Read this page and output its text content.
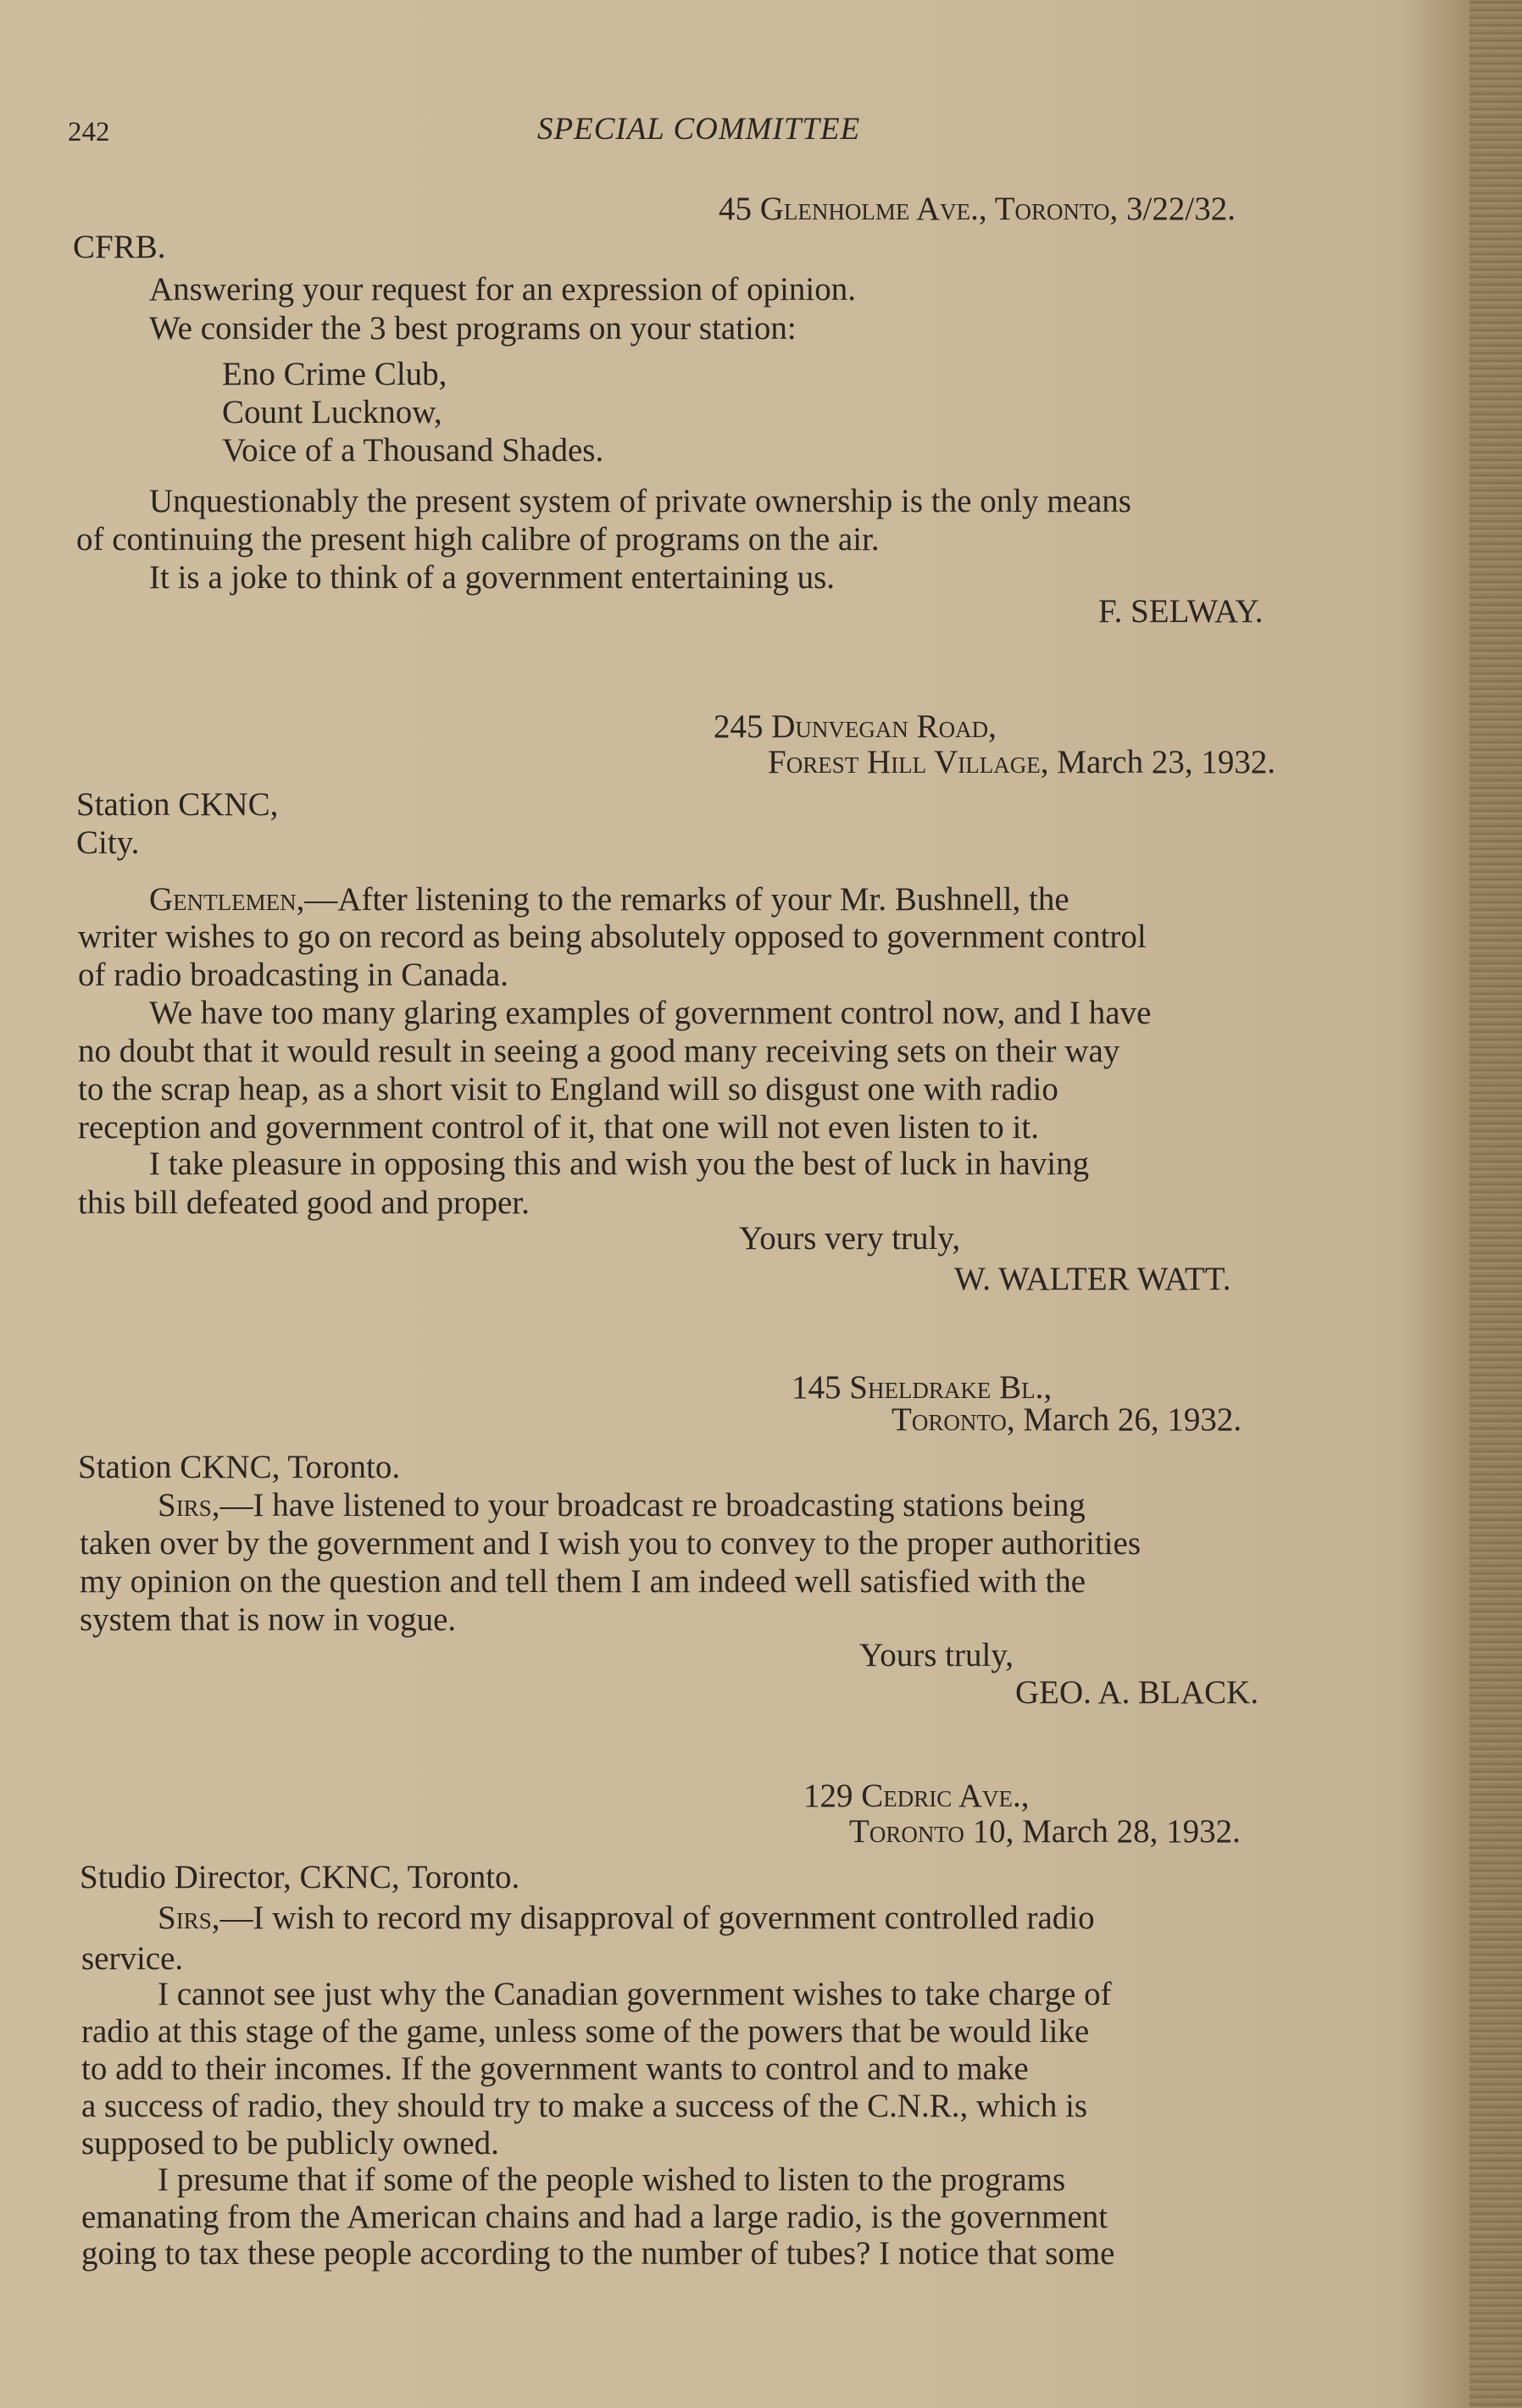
242	SPECIAL COMMITTEE
45 Glenholme Ave., Toronto, 3/22/32.
CFRB.
Answering your request for an expression of opinion.
We consider the 3 best programs on your station:
Eno Crime Club,
Count Lucknow,
Voice of a Thousand Shades.
Unquestionably the present system of private ownership is the only means
of continuing the present high calibre of programs on the air.
It is a joke to think of a government entertaining us.
F. SELWAY.
245 Dunvegan Road,
Forest Hill Village, March 23, 1932.
Station CKNC,
City.
Gentlemen, —After listening to the remarks of your Mr. Bushnell, the
writer wishes to go on record as being absolutely opposed to government control
of radio broadcasting in Canada.
We have too many glaring examples of government control now, and I have
no doubt that it would result in seeing a good many receiving sets on their way
to the scrap heap, as a short visit to England will so disgust one with radio
reception and government control of it, that one will not even listen to it.
I take pleasure in opposing this and wish you the best of luck in having
this bill defeated good and proper.
Yours very truly,
W. WALTER WATT.
145 Sheldrake Bl.,
Toronto, March 26, 1932.
Station CKNC, Toronto.
Sirs,—I have listened to your broadcast re broadcasting stations being
taken over by the government and I wish you to convey to the proper authorities
my opinion on the question and tell them I am indeed well satisfied with the
system that is now in vogue.
Yours truly,
GEO. A. BLACK.
129 Cedric Ave.,
Toronto 10, March 28, 1932.
Studio Director, CKNC, Toronto.
Sirs,—I wish to record my disapproval of government controlled radio
service.
I cannot see just why the Canadian government wishes to take charge of
radio at this stage of the game, unless some of the powers that be would like
to add to their incomes. If the government wants to control and to make
a success of radio, they should try to make a success of the C.N.R., which is
supposed to be publicly owned.
I presume that if some of the people wished to listen to the programs
emanating from the American chains and had a large radio, is the government
going to tax these people according to the number of tubes? I notice that some
